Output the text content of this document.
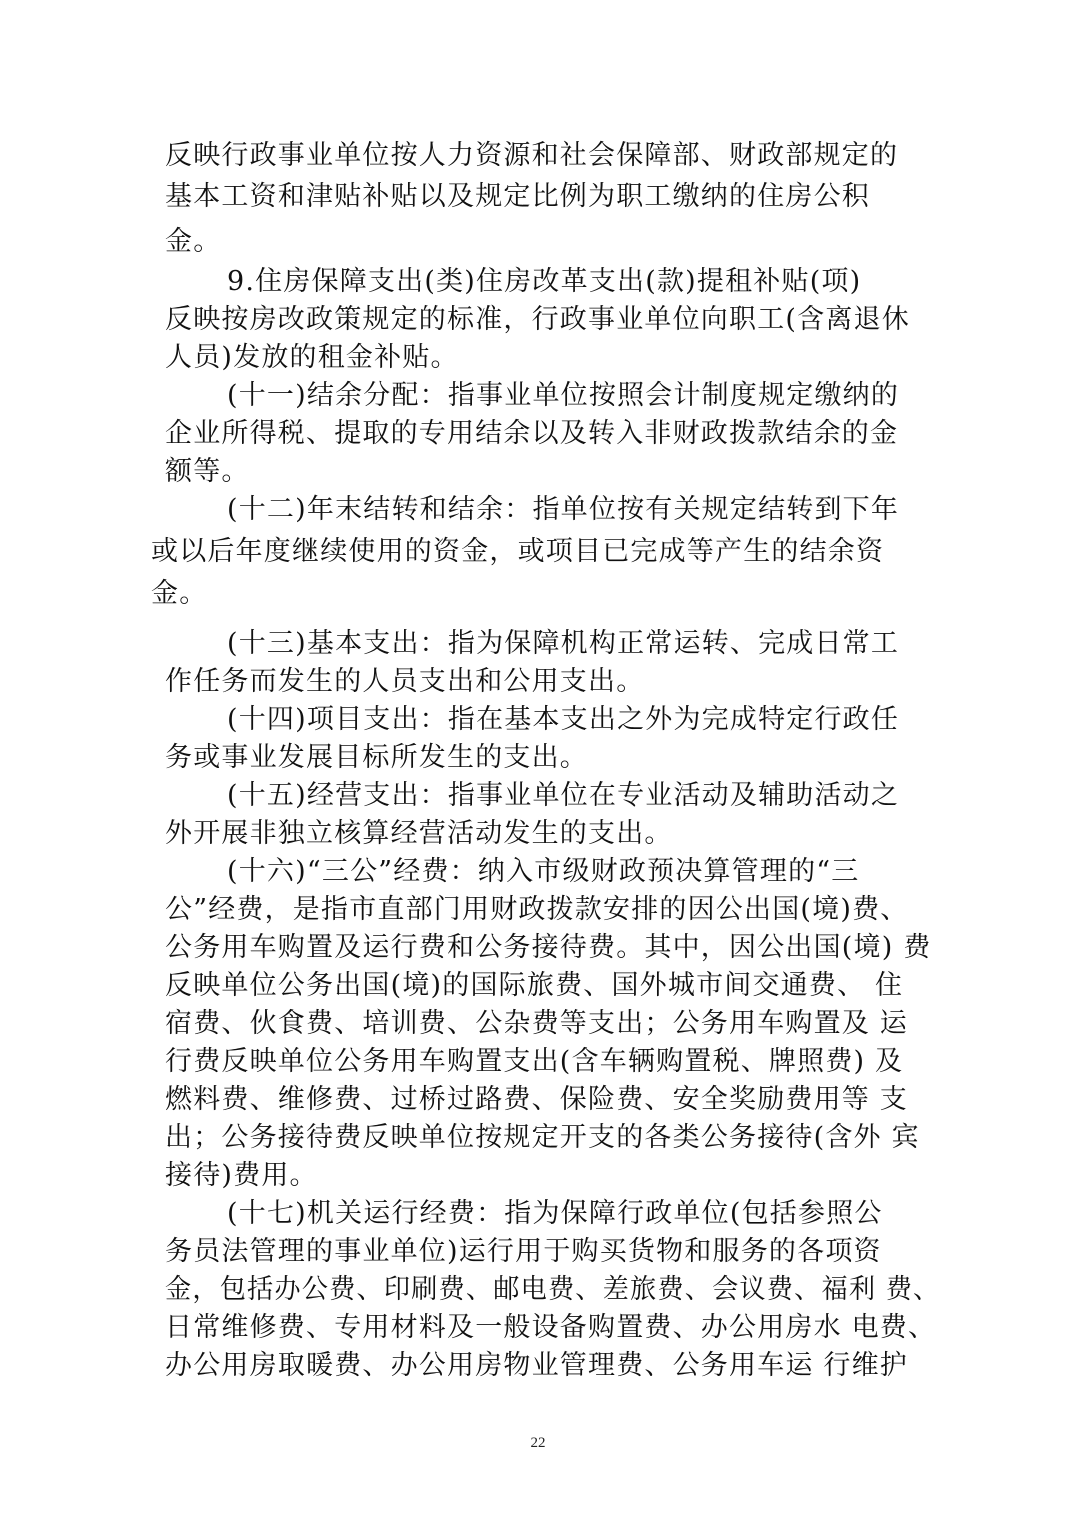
反映行政事业单位按人力资源和社会保障部、财政部规定的
基本工资和津贴补贴以及规定比例为职工缴纳的住房公积
金。
9.住房保障支出(类)住房改革支出(款)提租补贴(项)
反映按房改政策规定的标准，行政事业单位向职工(含离退休
人员)发放的租金补贴。
(十一)结余分配：指事业单位按照会计制度规定缴纳的
企业所得税、提取的专用结余以及转入非财政拨款结余的金
额等。
(十二)年末结转和结余：指单位按有关规定结转到下年
或以后年度继续使用的资金，或项目已完成等产生的结余资
金。
(十三)基本支出：指为保障机构正常运转、完成日常工
作任务而发生的人员支出和公用支出。
(十四)项目支出：指在基本支出之外为完成特定行政任
务或事业发展目标所发生的支出。
(十五)经营支出：指事业单位在专业活动及辅助活动之
外开展非独立核算经营活动发生的支出。
(十六)“三公”经费：纳入市级财政预决算管理的“三
公”经费，是指市直部门用财政拨款安排的因公出国(境)费、
公务用车购置及运行费和公务接待费。其中，因公出国(境) 费
反映单位公务出国(境)的国际旅费、国外城市间交通费、 住
宿费、伙食费、培训费、公杂费等支出；公务用车购置及 运
行费反映单位公务用车购置支出(含车辆购置税、牌照费) 及
燃料费、维修费、过桥过路费、保险费、安全奖励费用等 支
出；公务接待费反映单位按规定开支的各类公务接待(含外 宾
接待)费用。
(十七)机关运行经费：指为保障行政单位(包括参照公
务员法管理的事业单位)运行用于购买货物和服务的各项资
金，包括办公费、印刷费、邮电费、差旅费、会议费、福利 费、
日常维修费、专用材料及一般设备购置费、办公用房水 电费、
办公用房取暖费、办公用房物业管理费、公务用车运 行维护
22
